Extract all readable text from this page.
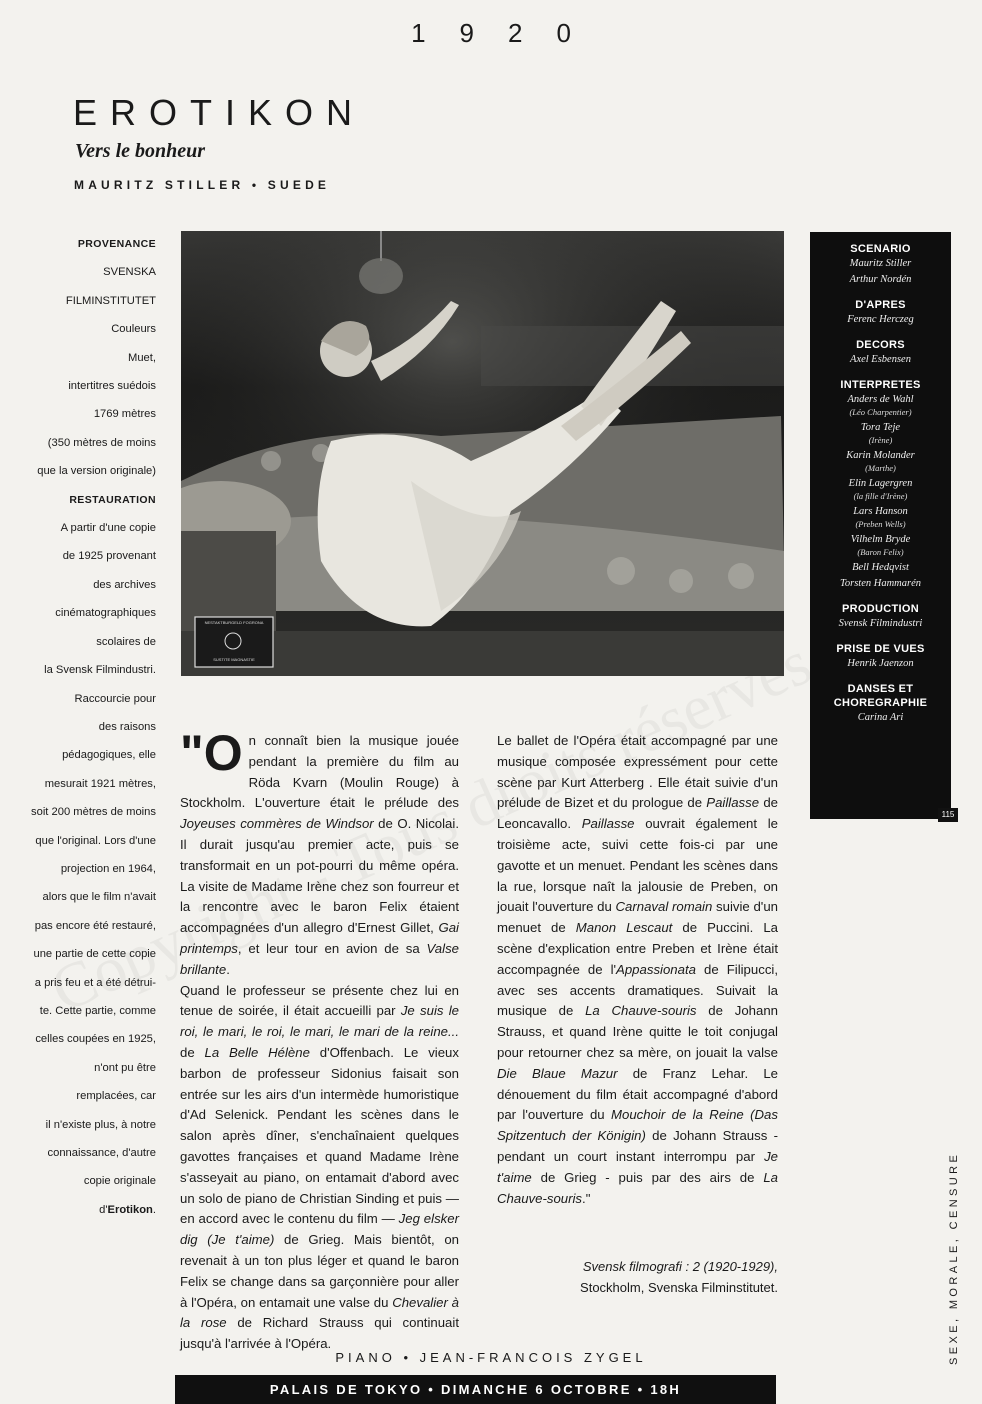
1920
EROTIKON
Vers le bonheur
MAURITZ STILLER • SUEDE
PROVENANCE
SVENSKA
FILMINSTITUTET
Couleurs
Muet,
intertitres suédois
1769 mètres
(350 mètres de moins
que la version originale)
RESTAURATION
A partir d'une copie
de 1925 provenant
des archives
cinématographiques
scolaires de
la Svensk Filmindustri.
Raccourcie pour
des raisons
pédagogiques, elle
mesurait 1921 mètres,
soit 200 mètres de moins
que l'original. Lors d'une
projection en 1964,
alors que le film n'avait
pas encore été restauré,
une partie de cette copie
a pris feu et a été détrui-
te. Cette partie, comme
celles coupées en 1925,
n'ont pu être
remplacées, car
il n'existe plus, à notre
connaissance, d'autre
copie originale
d'Erotikon.
NESTAKTBURGELD FOGRONA
SUSTITE MAGNASTIE
SCENARIO
Mauritz Stiller
Arthur Nordén
D'APRES
Ferenc Herczeg
DECORS
Axel Esbensen
INTERPRETES
Anders de Wahl
(Léo Charpentier)
Tora Teje
(Irène)
Karin Molander
(Marthe)
Elin Lagergren
(la fille d'Irène)
Lars Hanson
(Preben Wells)
Vilhelm Bryde
(Baron Felix)
Bell Hedqvist
Torsten Hammarén
PRODUCTION
Svensk Filmindustri
PRISE DE VUES
Henrik Jaenzon
DANSES ET CHOREGRAPHIE
Carina Ari
115
SEXE, MORALE, CENSURE

"On connaît bien la musique jouée pendant la première du film au Röda Kvarn (Moulin Rouge) à Stockholm. L'ouverture était le prélude des Joyeuses commères de Windsor de O. Nicolai. Il durait jusqu'au premier acte, puis se transformait en un pot-pourri du même opéra. La visite de Madame Irène chez son fourreur et la rencontre avec le baron Felix étaient accompagnées d'un allegro d'Ernest Gillet, Gai printemps, et leur tour en avion de sa Valse brillante.

Quand le professeur se présente chez lui en tenue de soirée, il était accueilli par Je suis le roi, le mari, le roi, le mari, le mari de la reine... de La Belle Hélène d'Offenbach. Le vieux barbon de professeur Sidonius faisait son entrée sur les airs d'un intermède humoristique d'Ad Selenick. Pendant les scènes dans le salon après dîner, s'enchaînaient quelques gavottes françaises et quand Madame Irène s'asseyait au piano, on entamait d'abord avec un solo de piano de Christian Sinding et puis — en accord avec le contenu du film — Jeg elsker dig (Je t'aime) de Grieg. Mais bientôt, on revenait à un ton plus léger et quand le baron Felix se change dans sa garçonnière pour aller à l'Opéra, on entamait une valse du Chevalier à la rose de Richard Strauss qui continuait jusqu'à l'arrivée à l'Opéra.

Le ballet de l'Opéra était accompagné par une musique composée expressément pour cette scène par Kurt Atterberg . Elle était suivie d'un prélude de Bizet et du prologue de Paillasse de Leoncavallo. Paillasse ouvrait également le troisième acte, suivi cette fois-ci par une gavotte et un menuet. Pendant les scènes dans la rue, lorsque naît la jalousie de Preben, on jouait l'ouverture du Carnaval romain suivie d'un menuet de Manon Lescaut de Puccini. La scène d'explication entre Preben et Irène était accompagnée de l'Appassionata de Filipucci, avec ses accents dramatiques. Suivait la musique de La Chauve-souris de Johann Strauss, et quand Irène quitte le toit conjugal pour retourner chez sa mère, on jouait la valse Die Blaue Mazur de Franz Lehar. Le dénouement du film était accompagné d'abord par l'ouverture du Mouchoir de la Reine (Das Spitzentuch der Königin) de Johann Strauss - pendant un court instant interrompu par Je t'aime de Grieg - puis par des airs de La Chauve-souris."

Svensk filmografi : 2 (1920-1929),
Stockholm, Svenska Filminstitutet.
PIANO • JEAN-FRANCOIS ZYGEL
PALAIS DE TOKYO • DIMANCHE 6 OCTOBRE • 18H
